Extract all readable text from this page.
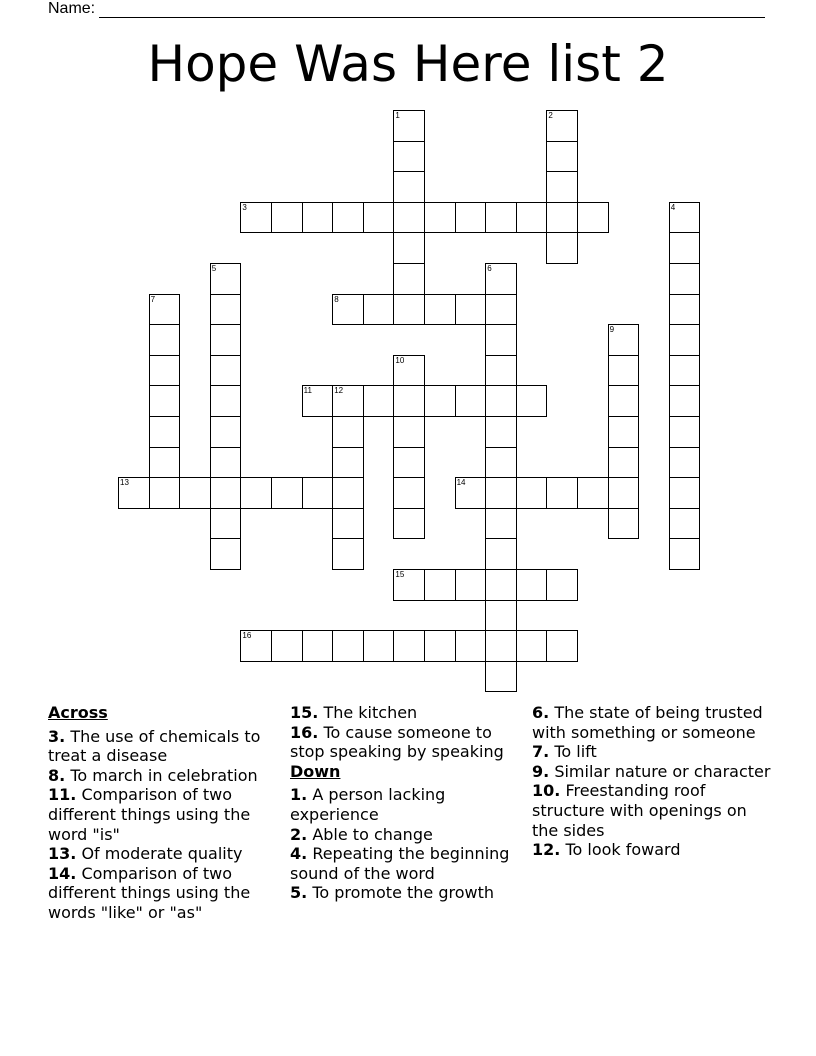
Name:
Hope Was Here list 2
1	2
3	4
5	6
7	8
9
10
11	12
13	14
15
16
Across
3. The use of chemicals to treat a disease
8. To march in celebration
11. Comparison of two different things using the word "is"
13. Of moderate quality
14. Comparison of two different things using the words "like" or "as"
15. The kitchen
16. To cause someone to stop speaking by speaking
Down
1. A person lacking experience
2. Able to change
4. Repeating the beginning sound of the word
5. To promote the growth
6. The state of being trusted with something or someone
7. To lift
9. Similar nature or character
10. Freestanding roof structure with openings on the sides
12. To look foward
